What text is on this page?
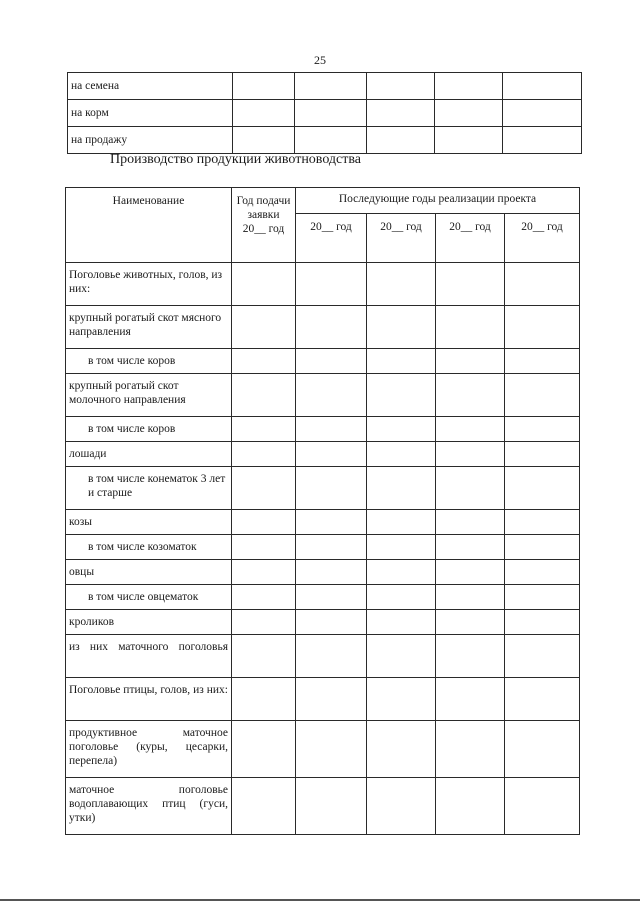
25
на семена					
на корм					
на продажу					
Производство продукции животноводства
Наименование	Год подачи заявки 20__ год	Последующие годы реализации проекта			
		20__ год	20__ год	20__ год	20__ год
Поголовье животных, голов, из них:					
крупный рогатый скот мясного направления					
в том числе коров					
крупный рогатый скот молочного направления					
в том числе коров					
лошади					
в том числе конематок 3 лет и старше					
козы					
в том числе козоматок					
овцы					
в том числе овцематок					
кроликов					
из них маточного поголовья					
Поголовье птицы, голов, из них:					
продуктивное маточное поголовье (куры, цесарки, перепела)					
маточное поголовье водоплавающих птиц (гуси, утки)					
